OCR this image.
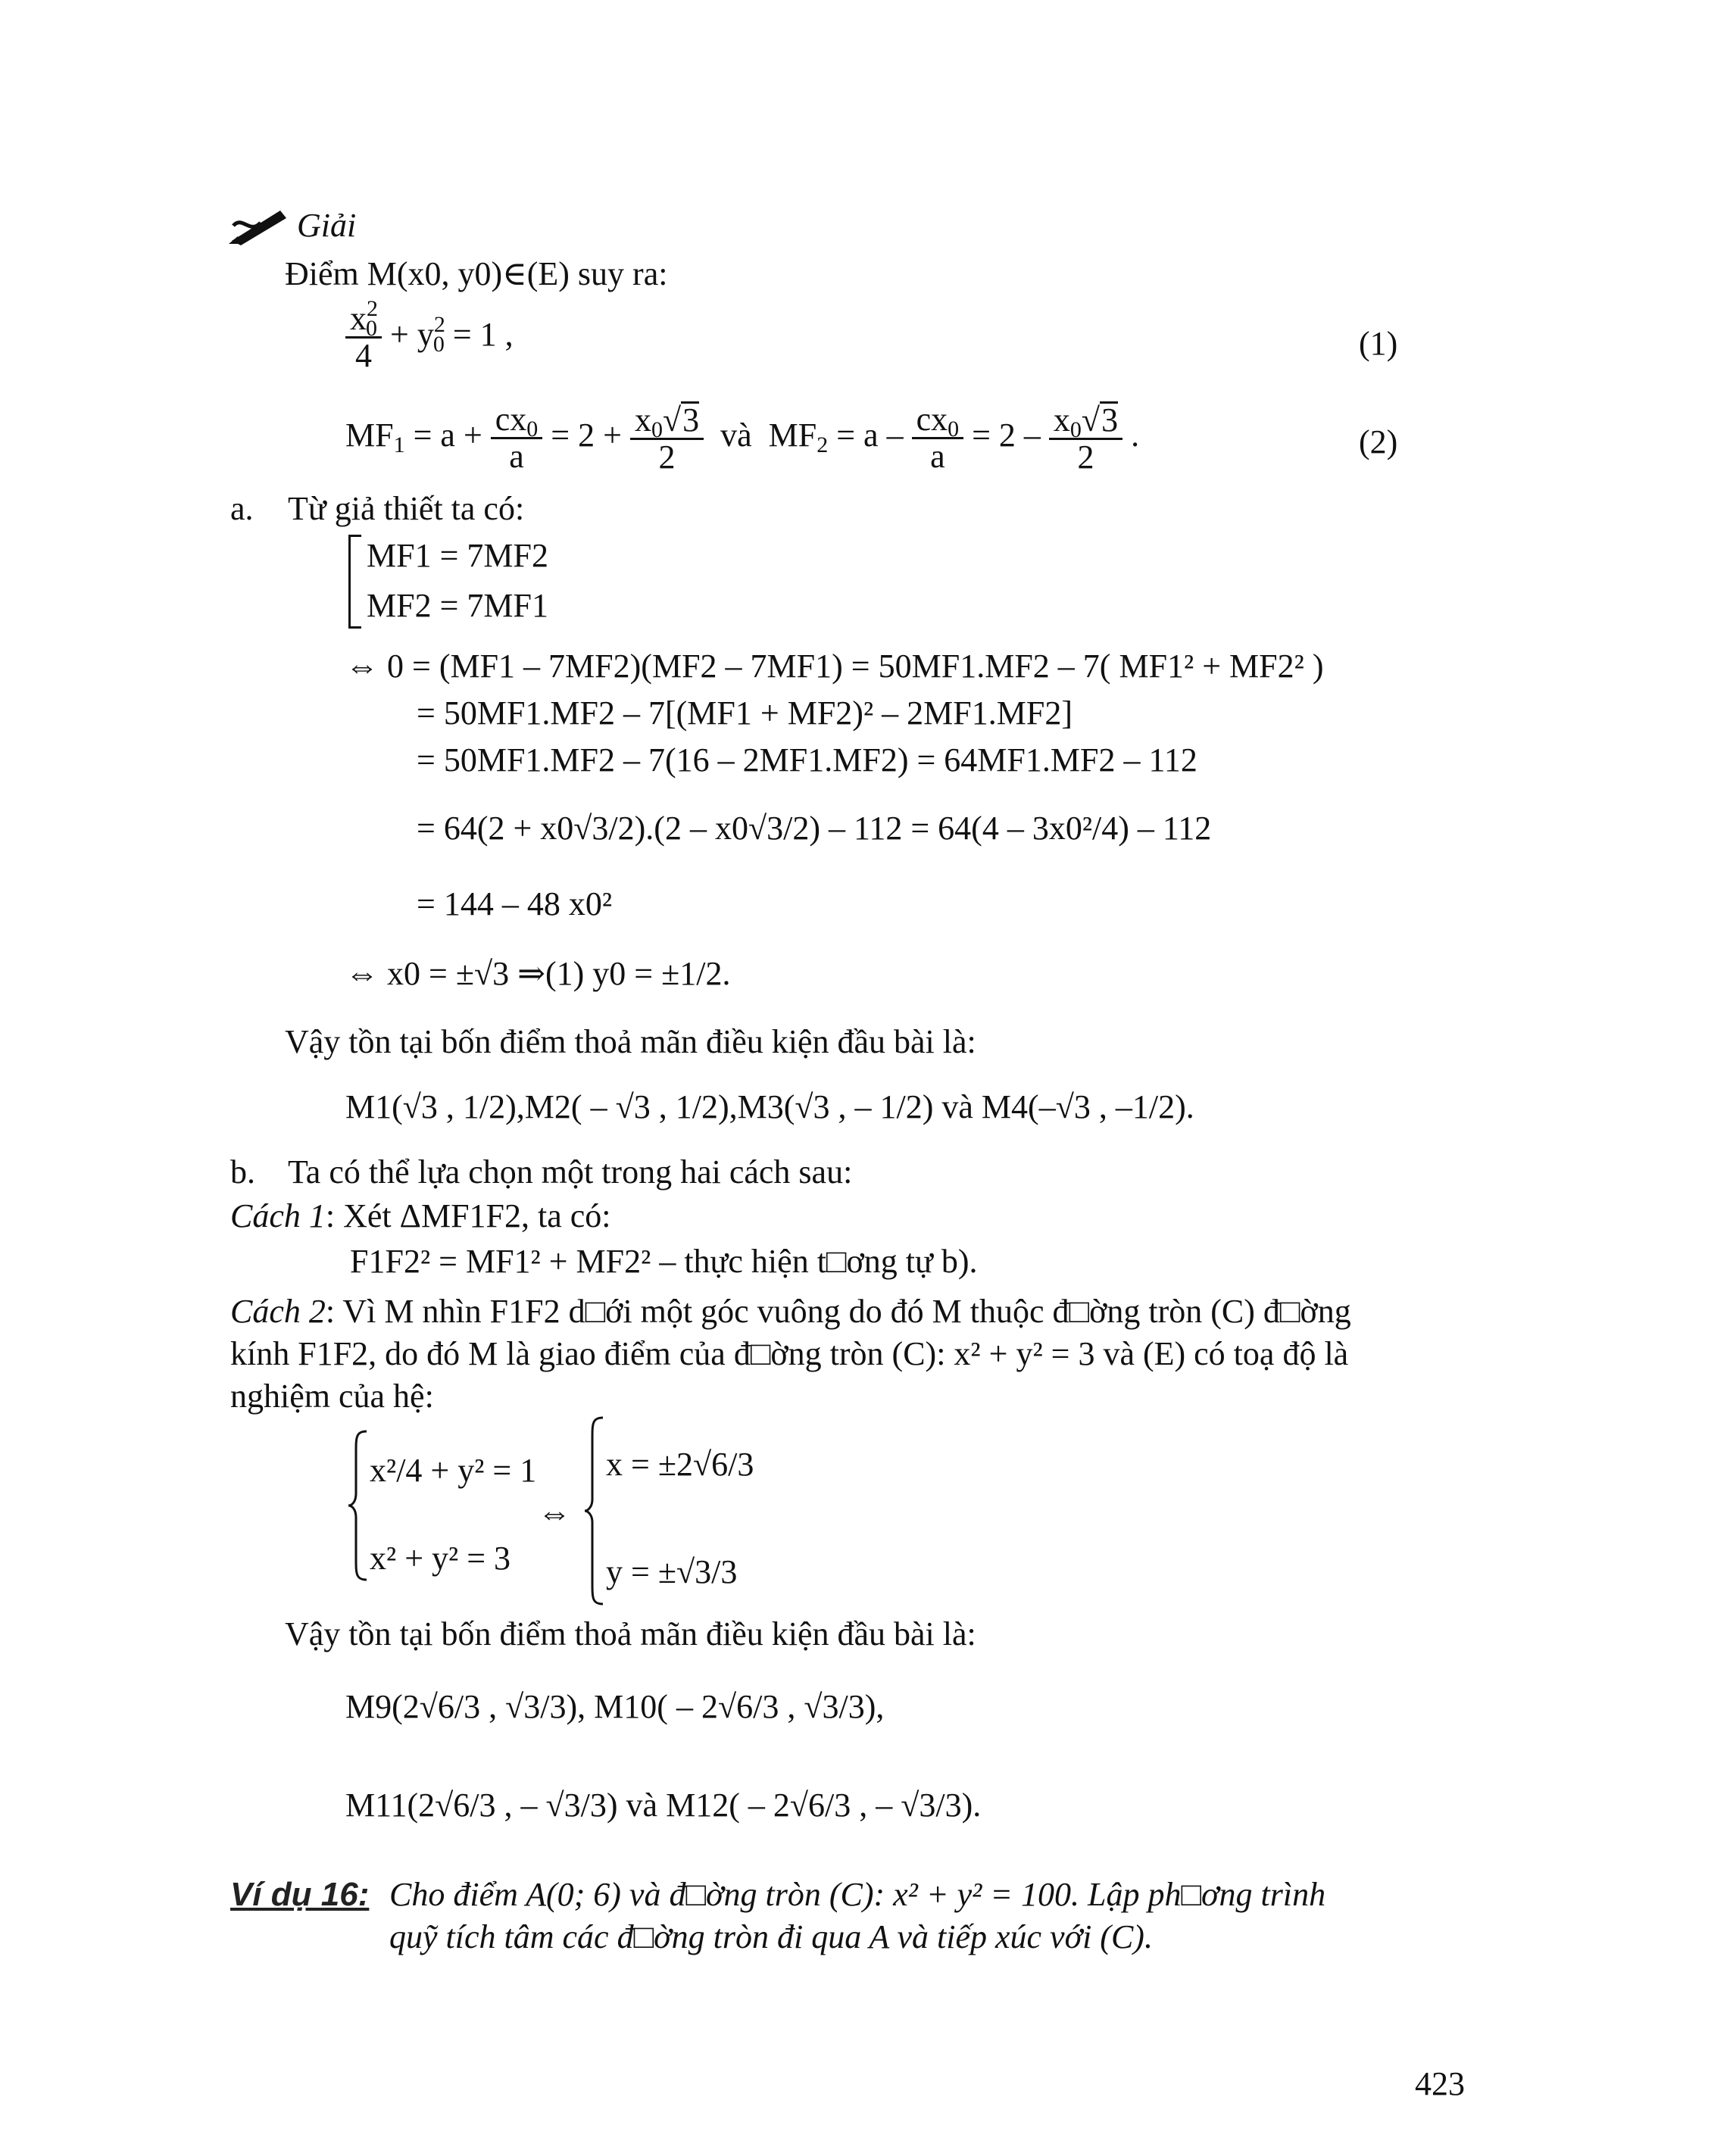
Giải
Điểm M(x0, y0)∈(E) suy ra:
$\frac{x^20}{4} + y^20 = 1$ ,	(1)
$MF1 = a + \frac{cx0}{a} = 2 + \frac{x0√3}{2}$ và $MF2 = a - \frac{cx0}{a} = 2 - \frac{x0√3}{2}$ .	(2)
a. Từ giả thiết ta có:
MF1 = 7MF2
MF2 = 7MF1
⇔ 0 = (MF1 – 7MF2)(MF2 – 7MF1) = 50MF1.MF2 – 7( MF1² + MF2² )
= 50MF1.MF2 – 7[(MF1 + MF2)² – 2MF1.MF2]
= 50MF1.MF2 – 7(16 – 2MF1.MF2) = 64MF1.MF2 – 112
= 64(2 + x0√3/2).(2 – x0√3/2) – 112 = 64(4 – 3x0²/4) – 112
= 144 – 48 x0²
⇔ x0 = ±√3 ⇒(1) y0 = ±1/2.
Vậy tồn tại bốn điểm thoả mãn điều kiện đầu bài là:
M1(√3 , 1/2),M2( – √3 , 1/2),M3(√3 , – 1/2) và M4(–√3 , –1/2).
b. Ta có thể lựa chọn một trong hai cách sau:
Cách 1: Xét ΔMF1F2, ta có:
F1F2² = MF1² + MF2² – thực hiện t□ơng tự b).
Cách 2: Vì M nhìn F1F2 d□ới một góc vuông do đó M thuộc đ□ờng tròn (C) đ□ờng
kính F1F2, do đó M là giao điểm của đ□ờng tròn (C): x² + y² = 3 và (E) có toạ độ là
nghiệm của hệ:
x²/4 + y² = 1
x² + y² = 3
⇔
x = ±2√6/3
y = ±√3/3
Vậy tồn tại bốn điểm thoả mãn điều kiện đầu bài là:
M9(2√6/3 , √3/3), M10( – 2√6/3 , √3/3),
M11(2√6/3 , – √3/3) và M12( – 2√6/3 , – √3/3).
Ví dụ 16: Cho điểm A(0; 6) và đ□ờng tròn (C): x² + y² = 100. Lập ph□ơng trình
quỹ tích tâm các đ□ờng tròn đi qua A và tiếp xúc với (C).
423
